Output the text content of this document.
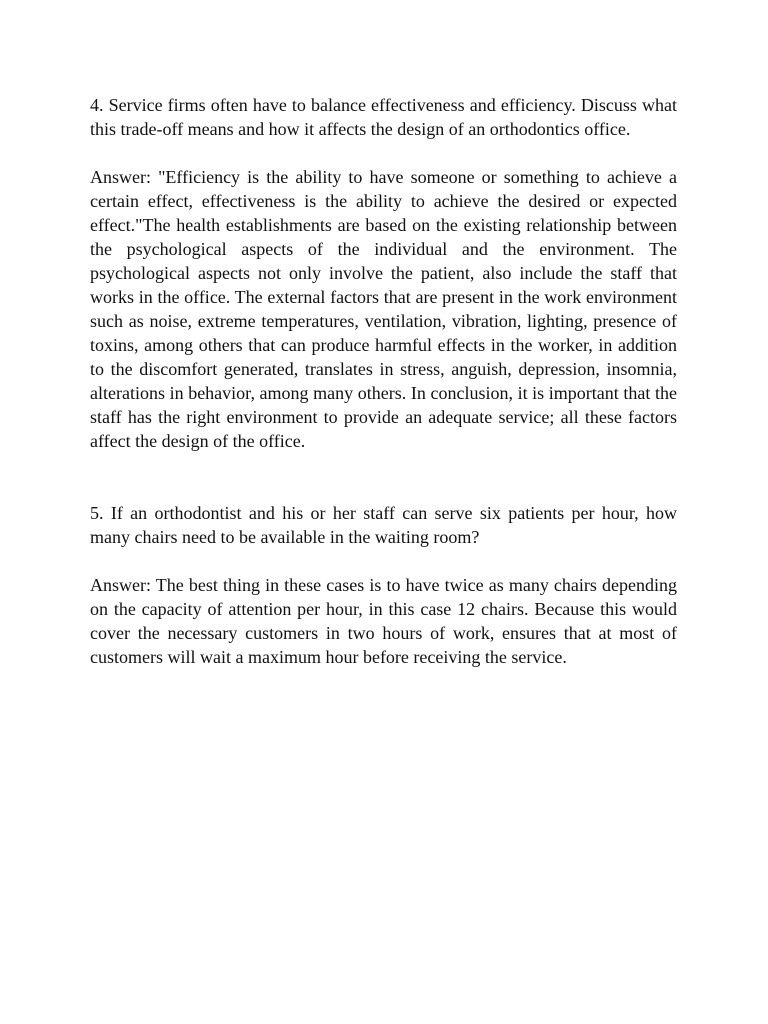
4. Service firms often have to balance effectiveness and efficiency. Discuss what this trade-off means and how it affects the design of an orthodontics office.

Answer: "Efficiency is the ability to have someone or something to achieve a certain effect, effectiveness is the ability to achieve the desired or expected effect."The health establishments are based on the existing relationship between the psychological aspects of the individual and the environment. The psychological aspects not only involve the patient, also include the staff that works in the office. The external factors that are present in the work environment such as noise, extreme temperatures, ventilation, vibration, lighting, presence of toxins, among others that can produce harmful effects in the worker, in addition to the discomfort generated, translates in stress, anguish, depression, insomnia, alterations in behavior, among many others. In conclusion, it is important that the staff has the right environment to provide an adequate service; all these factors affect the design of the office.

5. If an orthodontist and his or her staff can serve six patients per hour, how many chairs need to be available in the waiting room?

Answer: The best thing in these cases is to have twice as many chairs depending on the capacity of attention per hour, in this case 12 chairs. Because this would cover the necessary customers in two hours of work, ensures that at most of customers will wait a maximum hour before receiving the service.
